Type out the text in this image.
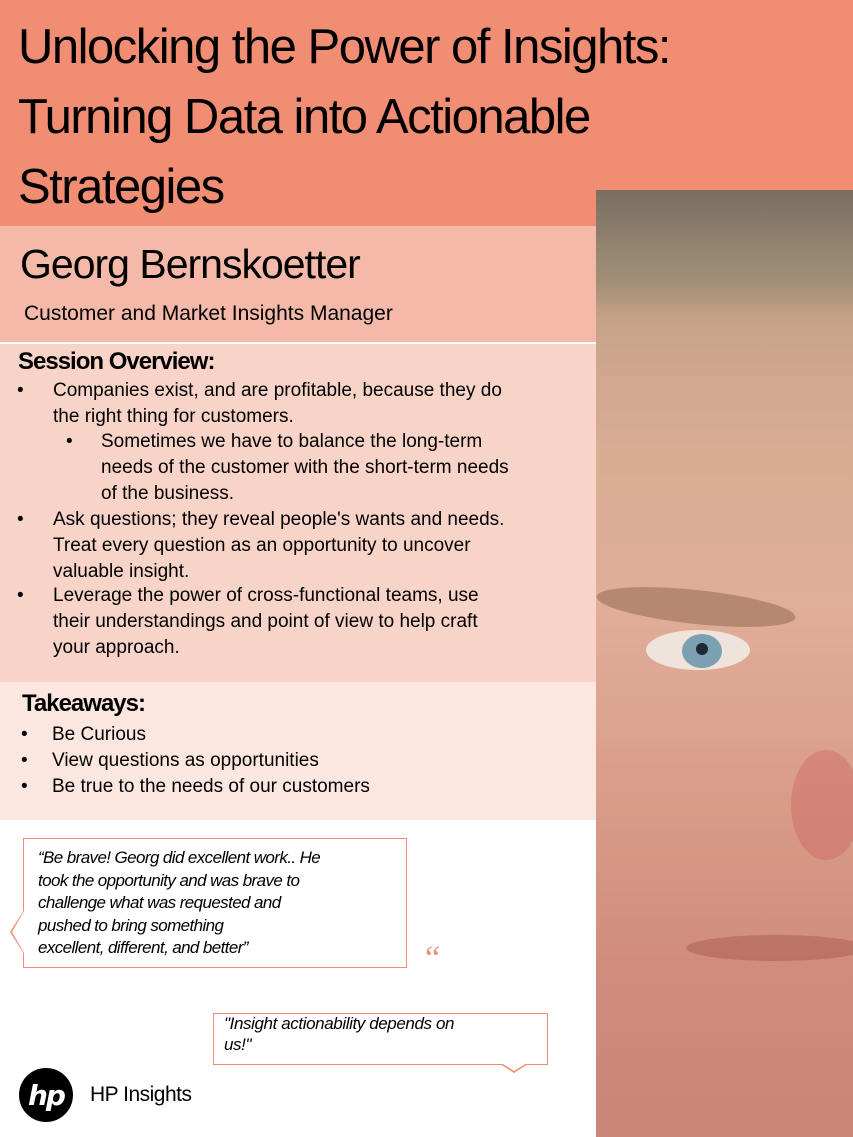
Unlocking the Power of Insights:
Turning Data into Actionable
Strategies
Georg Bernskoetter
Customer and Market Insights Manager
Session Overview:
• Companies exist, and are profitable, because they do
the right thing for customers.
• Sometimes we have to balance the long-term
needs of the customer with the short-term needs
of the business.
• Ask questions; they reveal people's wants and needs.
Treat every question as an opportunity to uncover
valuable insight.
• Leverage the power of cross-functional teams, use
their understandings and point of view to help craft
your approach.
Takeaways:
• Be Curious
• View questions as opportunities
• Be true to the needs of our customers
“Be brave! Georg did excellent work.. He
took the opportunity and was brave to
challenge what was requested and
pushed to bring something
excellent, different, and better”	“
"Insight actionability depends on
us!"
hp HP Insights
